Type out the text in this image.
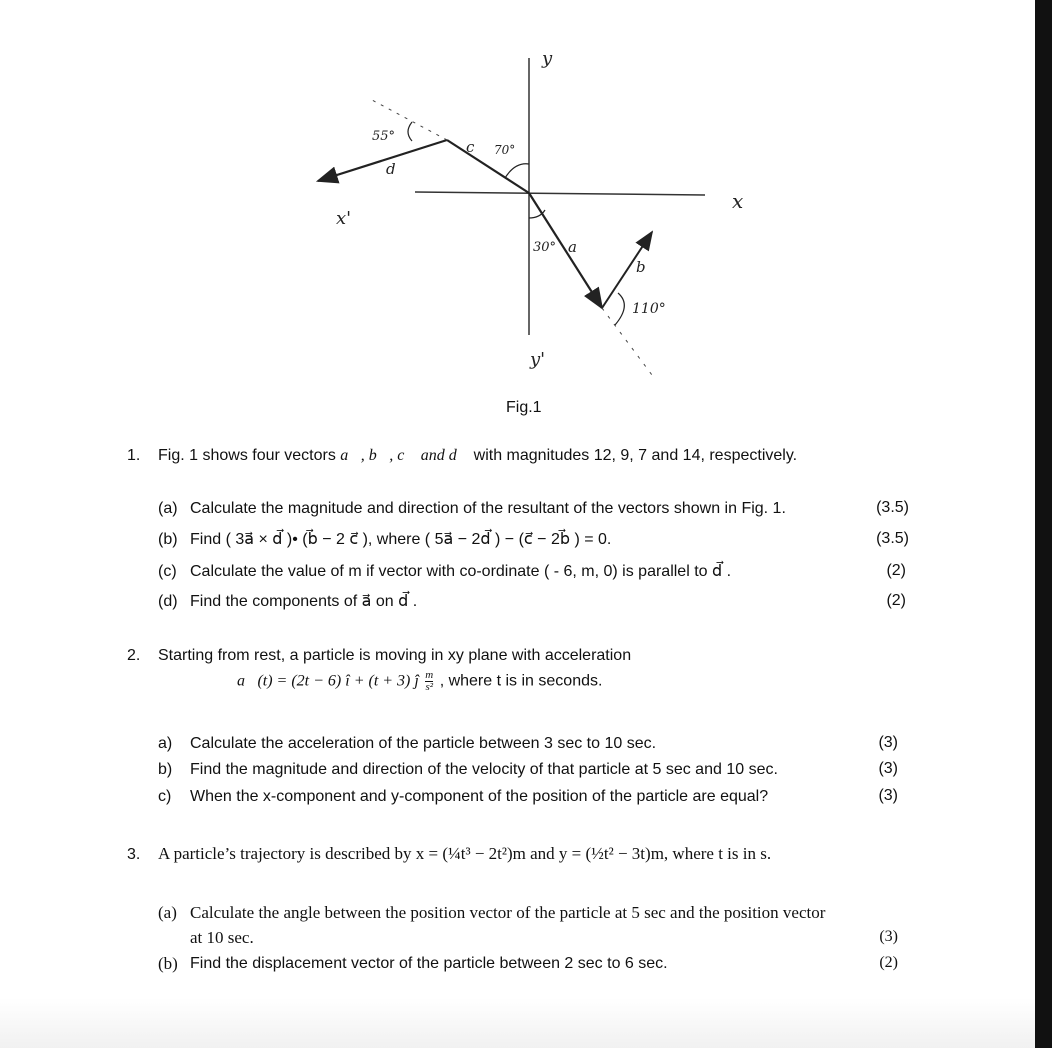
y
x
x'
y'
d
c
a
b
55°
70°
30°
110°
Fig.1
1. Fig. 1 shows four vectors a⃗, b⃗, c⃗ and d⃗ with magnitudes 12, 9, 7 and 14, respectively.
(a) Calculate the magnitude and direction of the resultant of the vectors shown in Fig. 1.	(3.5)
(b) Find ( 3a⃗ × d⃗ )• (b⃗ − 2 c⃗ ), where ( 5a⃗ − 2d⃗ ) − (c⃗ − 2b⃗ ) = 0.	(3.5)
(c) Calculate the value of m if vector with co-ordinate ( - 6, m, 0) is parallel to d⃗ .	(2)
(d) Find the components of a⃗ on d⃗ .	(2)
2. Starting from rest, a particle is moving in xy plane with acceleration
a⃗(t) = (2t − 6) î + (t + 3) ĵ $\frac{m}{\text{s²}}$ , where t is in seconds.
a) Calculate the acceleration of the particle between 3 sec to 10 sec.	(3)
b) Find the magnitude and direction of the velocity of that particle at 5 sec and 10 sec.	(3)
c) When the x-component and y-component of the position of the particle are equal?	(3)
3. A particle’s trajectory is described by x = (¼t³ − 2t²)m and y = (½t² − 3t)m, where t is in s.
(a) Calculate the angle between the position vector of the particle at 5 sec and the position vector
at 10 sec.	(3)
(b) Find the displacement vector of the particle between 2 sec to 6 sec.	(2)
